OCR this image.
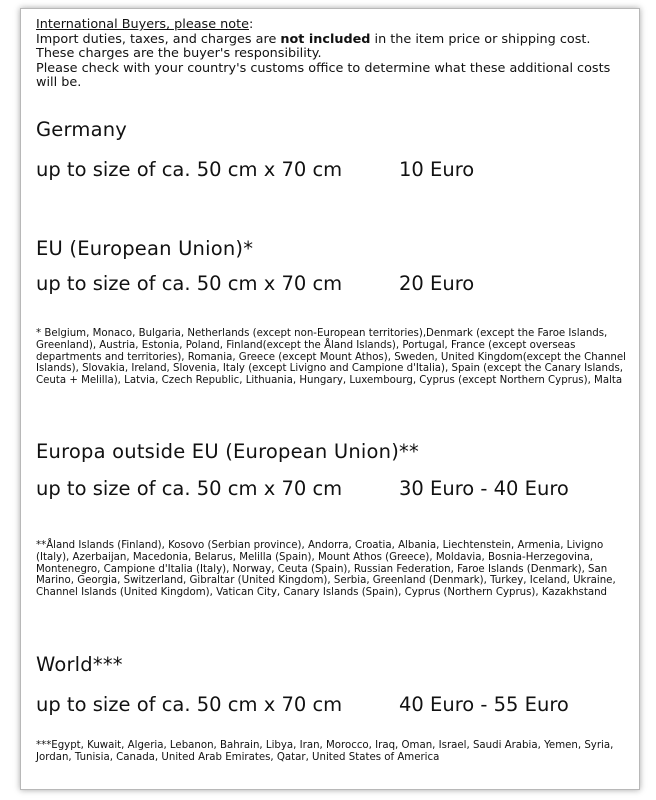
International Buyers, please note:
Import duties, taxes, and charges are not included in the item price or shipping cost. These charges are the buyer's responsibility.
Please check with your country's customs office to determine what these additional costs will be.
Germany
up to size of ca. 50 cm x 70 cm	10 Euro
EU (European Union)*
up to size of ca. 50 cm x 70 cm	20 Euro
* Belgium, Monaco, Bulgaria, Netherlands (except non-European territories),Denmark (except the Faroe Islands, Greenland), Austria, Estonia, Poland, Finland(except the Åland Islands), Portugal, France (except overseas departments and territories), Romania, Greece (except Mount Athos), Sweden, United Kingdom(except the Channel Islands), Slovakia, Ireland, Slovenia, Italy (except Livigno and Campione d'Italia), Spain (except the Canary Islands, Ceuta + Melilla), Latvia, Czech Republic, Lithuania, Hungary, Luxembourg, Cyprus (except Northern Cyprus), Malta
Europa outside EU (European Union)**
up to size of ca. 50 cm x 70 cm	30 Euro - 40 Euro
**Åland Islands (Finland), Kosovo (Serbian province), Andorra, Croatia, Albania, Liechtenstein, Armenia, Livigno (Italy), Azerbaijan, Macedonia, Belarus, Melilla (Spain), Mount Athos (Greece), Moldavia, Bosnia-Herzegovina, Montenegro, Campione d'Italia (Italy), Norway, Ceuta (Spain), Russian Federation, Faroe Islands (Denmark), San Marino, Georgia, Switzerland, Gibraltar (United Kingdom), Serbia, Greenland (Denmark), Turkey, Iceland, Ukraine, Channel Islands (United Kingdom), Vatican City, Canary Islands (Spain), Cyprus (Northern Cyprus), Kazakhstand
World***
up to size of ca. 50 cm x 70 cm	40 Euro - 55 Euro
***Egypt, Kuwait, Algeria, Lebanon, Bahrain, Libya, Iran, Morocco, Iraq, Oman, Israel, Saudi Arabia, Yemen, Syria, Jordan, Tunisia, Canada, United Arab Emirates, Qatar, United States of America
